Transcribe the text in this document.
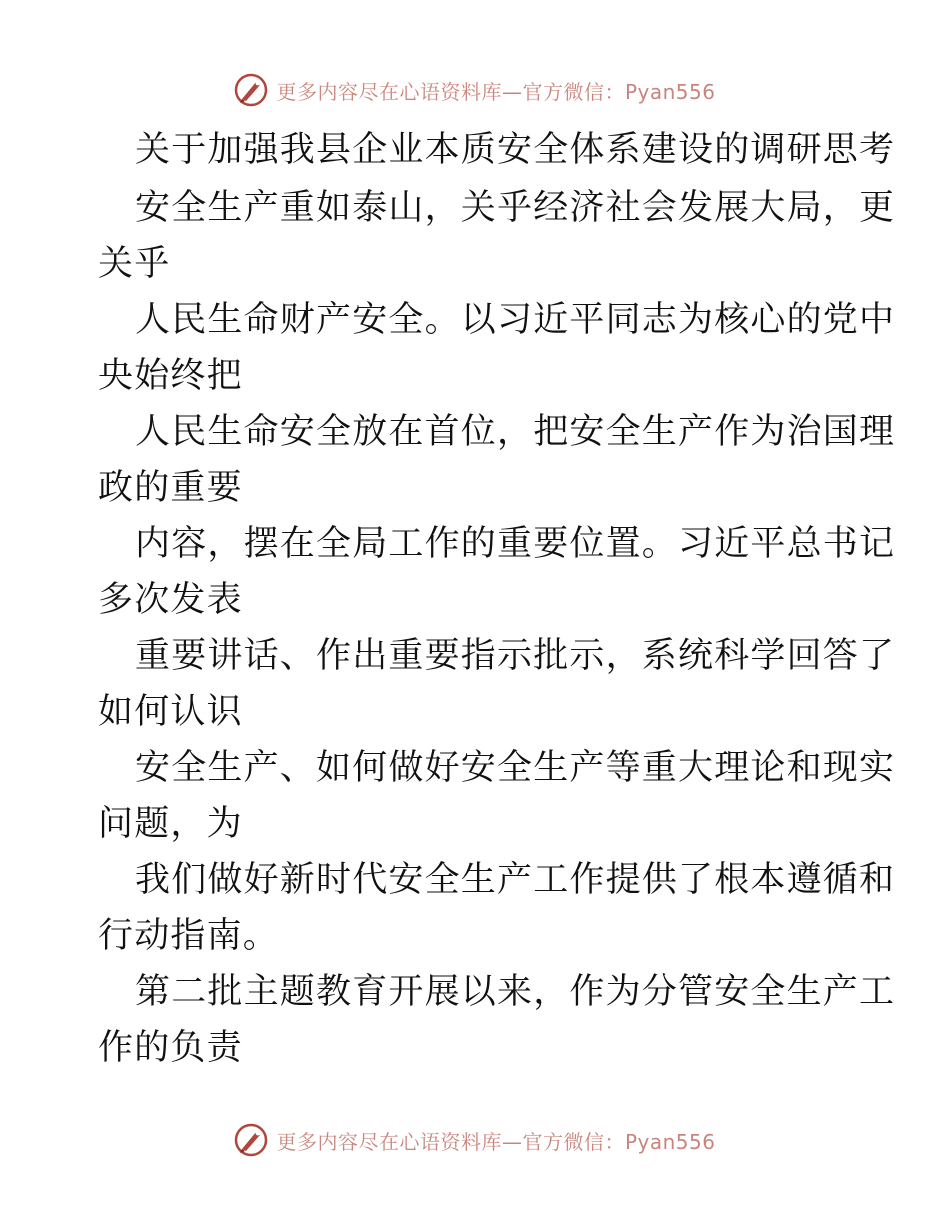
更多内容尽在心语资料库—官方微信：Pyan556
关于加强我县企业本质安全体系建设的调研思考
安全生产重如泰山，关乎经济社会发展大局，更
关乎
人民生命财产安全。以习近平同志为核心的党中
央始终把
人民生命安全放在首位，把安全生产作为治国理
政的重要
内容，摆在全局工作的重要位置。习近平总书记
多次发表
重要讲话、作出重要指示批示，系统科学回答了
如何认识
安全生产、如何做好安全生产等重大理论和现实
问题，为
我们做好新时代安全生产工作提供了根本遵循和
行动指南。
第二批主题教育开展以来，作为分管安全生产工
作的负责
更多内容尽在心语资料库—官方微信：Pyan556
